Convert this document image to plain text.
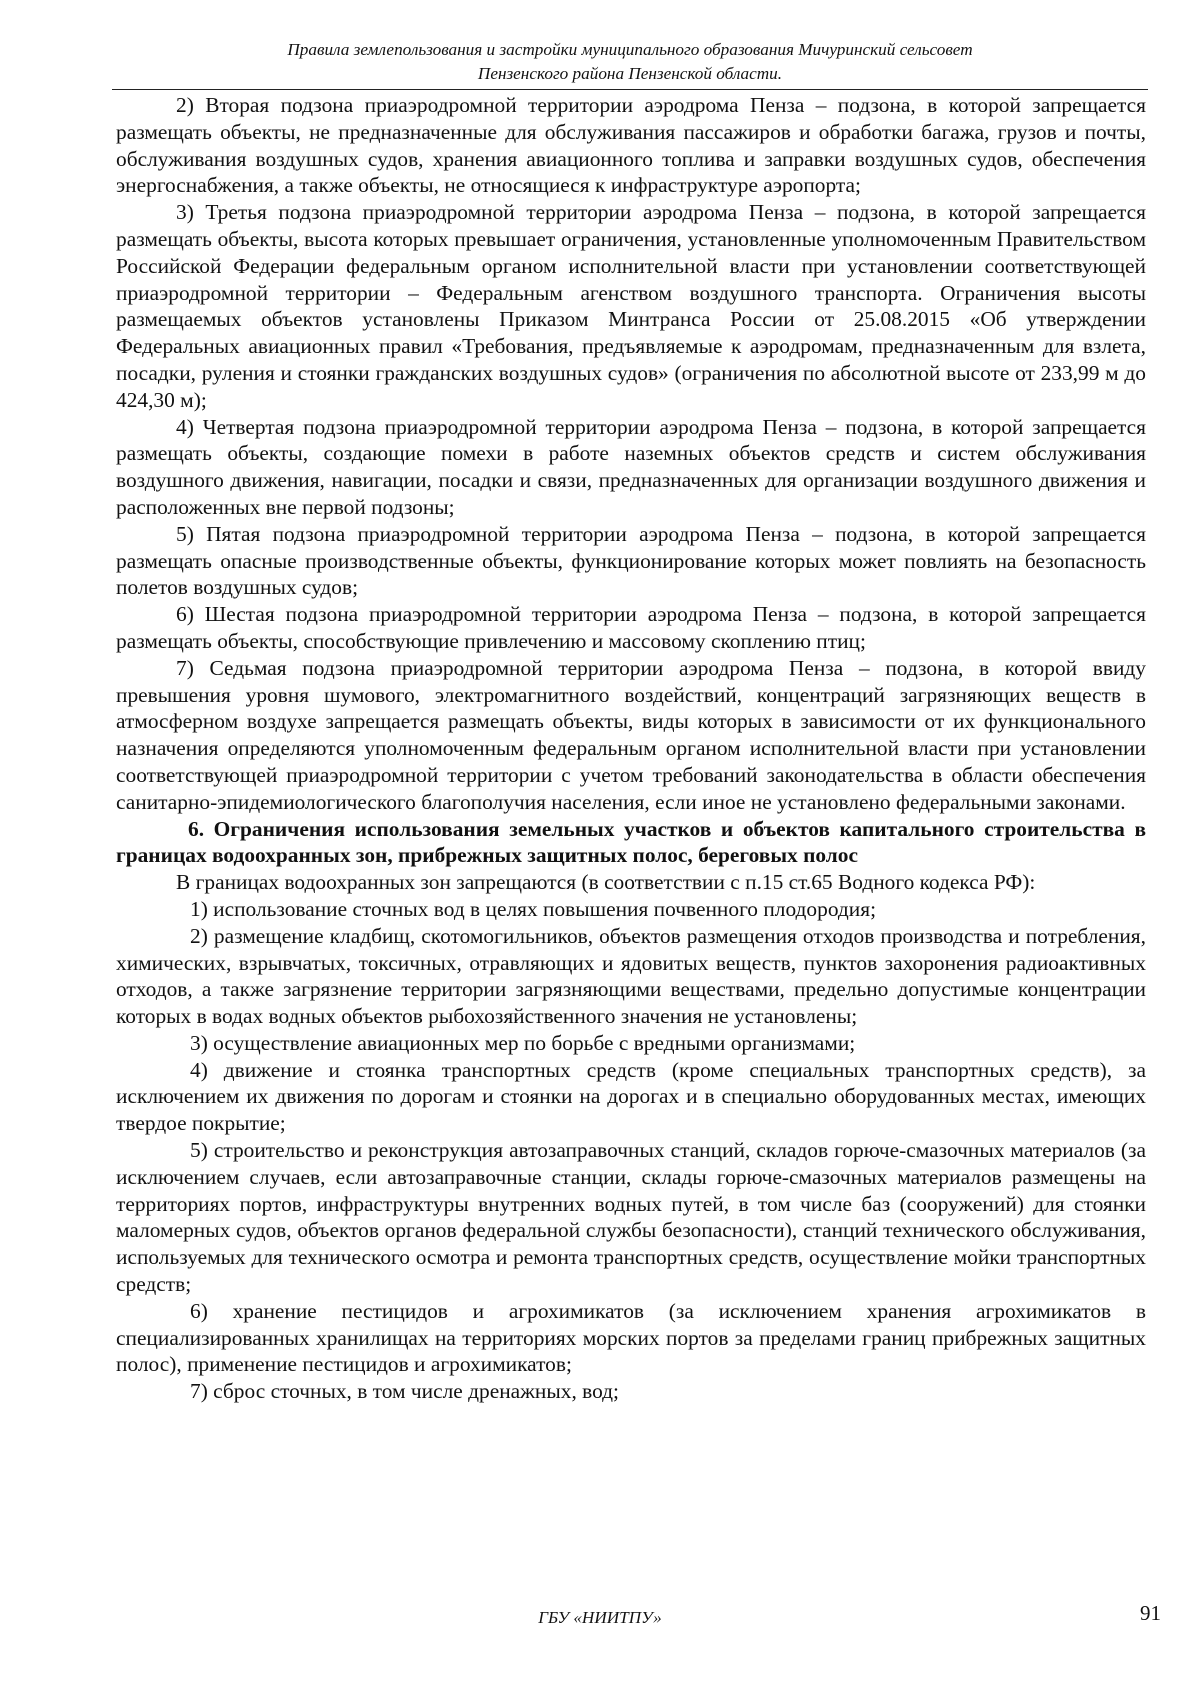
Правила землепользования и застройки муниципального образования Мичуринский сельсовет
Пензенского района Пензенской области.

2) Вторая подзона приаэродромной территории аэродрома Пенза – подзона, в которой запрещается размещать объекты, не предназначенные для обслуживания пассажиров и обработки багажа, грузов и почты, обслуживания воздушных судов, хранения авиационного топлива и заправки воздушных судов, обеспечения энергоснабжения, а также объекты, не относящиеся к инфраструктуре аэропорта;

3) Третья подзона приаэродромной территории аэродрома Пенза – подзона, в которой запрещается размещать объекты, высота которых превышает ограничения, установленные уполномоченным Правительством Российской Федерации федеральным органом исполнительной власти при установлении соответствующей приаэродромной территории – Федеральным агенством воздушного транспорта. Ограничения высоты размещаемых объектов установлены Приказом Минтранса России от 25.08.2015 «Об утверждении Федеральных авиационных правил «Требования, предъявляемые к аэродромам, предназначенным для взлета, посадки, руления и стоянки гражданских воздушных судов» (ограничения по абсолютной высоте от 233,99 м до 424,30 м);

4) Четвертая подзона приаэродромной территории аэродрома Пенза – подзона, в которой запрещается размещать объекты, создающие помехи в работе наземных объектов средств и систем обслуживания воздушного движения, навигации, посадки и связи, предназначенных для организации воздушного движения и расположенных вне первой подзоны;

5) Пятая подзона приаэродромной территории аэродрома Пенза – подзона, в которой запрещается размещать опасные производственные объекты, функционирование которых может повлиять на безопасность полетов воздушных судов;

6) Шестая подзона приаэродромной территории аэродрома Пенза – подзона, в которой запрещается размещать объекты, способствующие привлечению и массовому скоплению птиц;

7) Седьмая подзона приаэродромной территории аэродрома Пенза – подзона, в которой ввиду превышения уровня шумового, электромагнитного воздействий, концентраций загрязняющих веществ в атмосферном воздухе запрещается размещать объекты, виды которых в зависимости от их функционального назначения определяются уполномоченным федеральным органом исполнительной власти при установлении соответствующей приаэродромной территории с учетом требований законодательства в области обеспечения санитарно-эпидемиологического благополучия населения, если иное не установлено федеральными законами.

6. Ограничения использования земельных участков и объектов капитального строительства в границах водоохранных зон, прибрежных защитных полос, береговых полос

В границах водоохранных зон запрещаются (в соответствии с п.15 ст.65 Водного кодекса РФ):

1) использование сточных вод в целях повышения почвенного плодородия;

2) размещение кладбищ, скотомогильников, объектов размещения отходов производства и потребления, химических, взрывчатых, токсичных, отравляющих и ядовитых веществ, пунктов захоронения радиоактивных отходов, а также загрязнение территории загрязняющими веществами, предельно допустимые концентрации которых в водах водных объектов рыбохозяйственного значения не установлены;

3) осуществление авиационных мер по борьбе с вредными организмами;

4) движение и стоянка транспортных средств (кроме специальных транспортных средств), за исключением их движения по дорогам и стоянки на дорогах и в специально оборудованных местах, имеющих твердое покрытие;

5) строительство и реконструкция автозаправочных станций, складов горюче-смазочных материалов (за исключением случаев, если автозаправочные станции, склады горюче-смазочных материалов размещены на территориях портов, инфраструктуры внутренних водных путей, в том числе баз (сооружений) для стоянки маломерных судов, объектов органов федеральной службы безопасности), станций технического обслуживания, используемых для технического осмотра и ремонта транспортных средств, осуществление мойки транспортных средств;

6) хранение пестицидов и агрохимикатов (за исключением хранения агрохимикатов в специализированных хранилищах на территориях морских портов за пределами границ прибрежных защитных полос), применение пестицидов и агрохимикатов;

7) сброс сточных, в том числе дренажных, вод;

ГБУ «НИИТПУ»	91
